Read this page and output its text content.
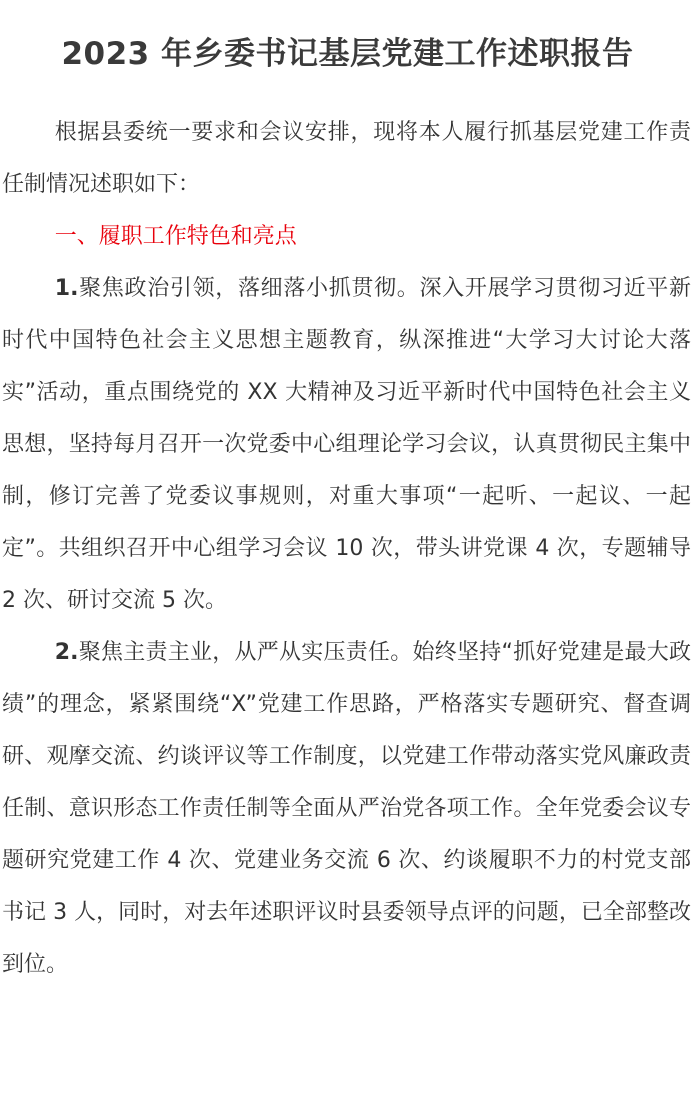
2023 年乡委书记基层党建工作述职报告

根据县委统一要求和会议安排，现将本人履行抓基层党建工作责任制情况述职如下：

一、履职工作特色和亮点

1.聚焦政治引领，落细落小抓贯彻。深入开展学习贯彻习近平新时代中国特色社会主义思想主题教育，纵深推进“大学习大讨论大落实”活动，重点围绕党的 XX 大精神及习近平新时代中国特色社会主义思想，坚持每月召开一次党委中心组理论学习会议，认真贯彻民主集中制，修订完善了党委议事规则，对重大事项“一起听、一起议、一起定”。共组织召开中心组学习会议 10 次，带头讲党课 4 次，专题辅导 2 次、研讨交流 5 次。

2.聚焦主责主业，从严从实压责任。始终坚持“抓好党建是最大政绩”的理念，紧紧围绕“X”党建工作思路，严格落实专题研究、督查调研、观摩交流、约谈评议等工作制度，以党建工作带动落实党风廉政责任制、意识形态工作责任制等全面从严治党各项工作。全年党委会议专题研究党建工作 4 次、党建业务交流 6 次、约谈履职不力的村党支部书记 3 人，同时，对去年述职评议时县委领导点评的问题，已全部整改到位。
